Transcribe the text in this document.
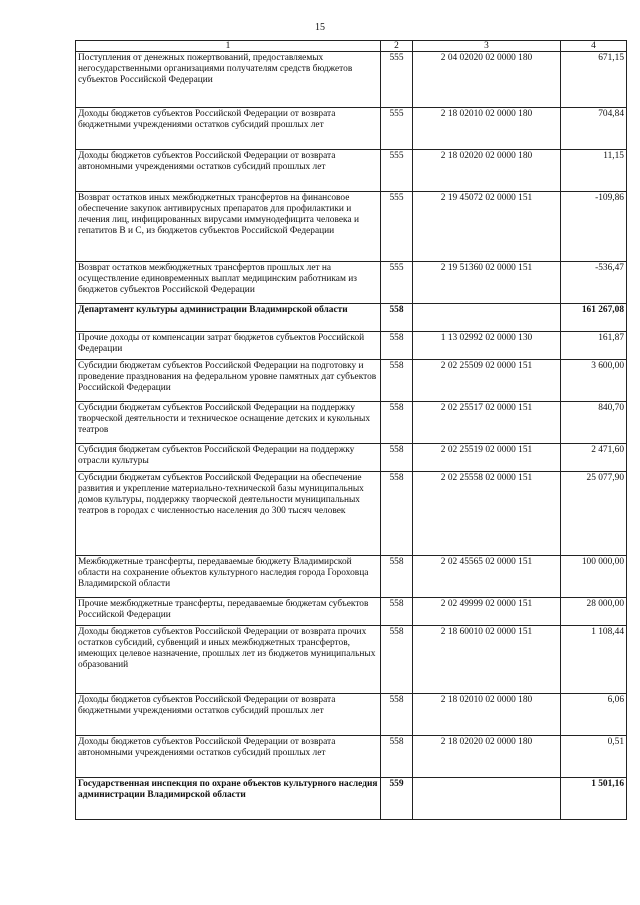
15
1	2	3	4
Поступления от денежных пожертвований, предоставляемых негосударственными организациями получателям средств бюджетов субъектов Российской Федерации	555	2 04 02020 02 0000 180	671,15
Доходы бюджетов субъектов Российской Федерации от возврата бюджетными учреждениями остатков субсидий прошлых лет	555	2 18 02010 02 0000 180	704,84
Доходы бюджетов субъектов Российской Федерации от возврата автономными учреждениями остатков субсидий прошлых лет	555	2 18 02020 02 0000 180	11,15
Возврат остатков иных межбюджетных трансфертов на финансовое обеспечение закупок антивирусных препаратов для профилактики и лечения лиц, инфицированных вирусами иммунодефицита человека и гепатитов В и С, из бюджетов субъектов Российской Федерации	555	2 19 45072 02 0000 151	-109,86
Возврат остатков межбюджетных трансфертов прошлых лет на осуществление единовременных выплат медицинским работникам из бюджетов субъектов Российской Федерации	555	2 19 51360 02 0000 151	-536,47
Департамент культуры администрации Владимирской области	558		161 267,08
Прочие доходы от компенсации затрат бюджетов субъектов Российской Федерации	558	1 13 02992 02 0000 130	161,87
Субсидии бюджетам субъектов Российской Федерации на подготовку и проведение празднования на федеральном уровне памятных дат субъектов Российской Федерации	558	2 02 25509 02 0000 151	3 600,00
Субсидии бюджетам субъектов Российской Федерации на поддержку творческой деятельности и техническое оснащение детских и кукольных театров	558	2 02 25517 02 0000 151	840,70
Субсидия бюджетам субъектов Российской Федерации на поддержку отрасли культуры	558	2 02 25519 02 0000 151	2 471,60
Субсидии бюджетам субъектов Российской Федерации на обеспечение развития и укрепление материально-технической базы муниципальных домов культуры, поддержку творческой деятельности муниципальных театров в городах с численностью населения до 300 тысяч человек	558	2 02 25558 02 0000 151	25 077,90
Межбюджетные трансферты, передаваемые бюджету Владимирской области на сохранение объектов культурного наследия города Гороховца Владимирской области	558	2 02 45565 02 0000 151	100 000,00
Прочие межбюджетные трансферты, передаваемые бюджетам субъектов Российской Федерации	558	2 02 49999 02 0000 151	28 000,00
Доходы бюджетов субъектов Российской Федерации от возврата прочих остатков субсидий, субвенций и иных межбюджетных трансфертов, имеющих целевое назначение, прошлых лет из бюджетов муниципальных образований	558	2 18 60010 02 0000 151	1 108,44
Доходы бюджетов субъектов Российской Федерации от возврата бюджетными учреждениями остатков субсидий прошлых лет	558	2 18 02010 02 0000 180	6,06
Доходы бюджетов субъектов Российской Федерации от возврата автономными учреждениями остатков субсидий прошлых лет	558	2 18 02020 02 0000 180	0,51
Государственная инспекция по охране объектов культурного наследия администрации Владимирской области	559		1 501,16
